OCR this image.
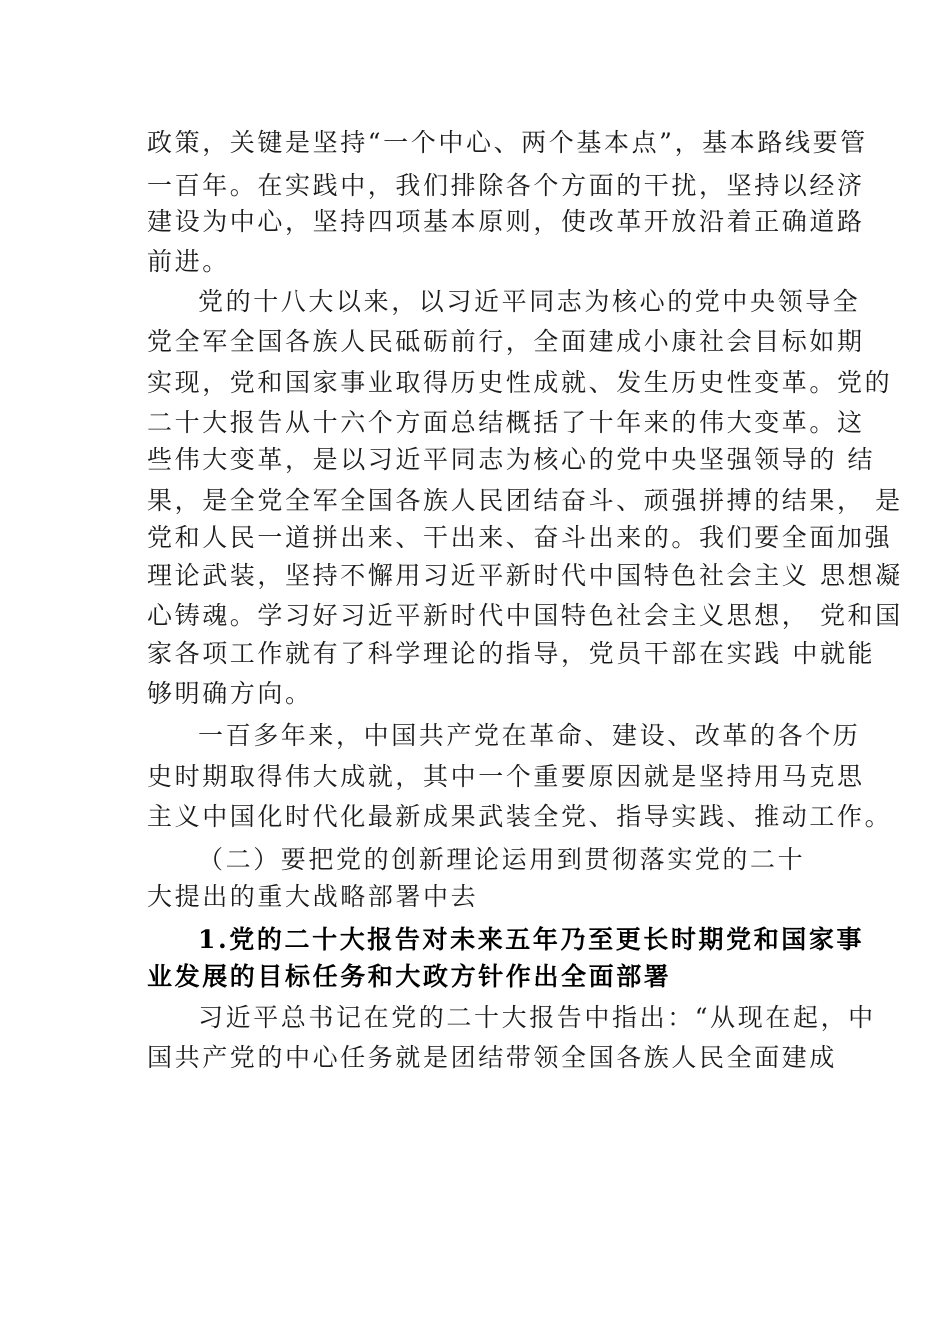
政策，关键是坚持“一个中心、两个基本点”，基本路线要管
一百年。在实践中，我们排除各个方面的干扰，坚持以经济
建设为中心，坚持四项基本原则，使改革开放沿着正确道路
前进。
党的十八大以来，以习近平同志为核心的党中央领导全
党全军全国各族人民砥砺前行，全面建成小康社会目标如期
实现，党和国家事业取得历史性成就、发生历史性变革。党的
二十大报告从十六个方面总结概括了十年来的伟大变革。这
些伟大变革，是以习近平同志为核心的党中央坚强领导的 结
果，是全党全军全国各族人民团结奋斗、顽强拼搏的结果， 是
党和人民一道拼出来、干出来、奋斗出来的。我们要全面加强
理论武装，坚持不懈用习近平新时代中国特色社会主义 思想凝
心铸魂。学习好习近平新时代中国特色社会主义思想， 党和国
家各项工作就有了科学理论的指导，党员干部在实践 中就能
够明确方向。
一百多年来，中国共产党在革命、建设、改革的各个历
史时期取得伟大成就，其中一个重要原因就是坚持用马克思
主义中国化时代化最新成果武装全党、指导实践、推动工作。
（二）要把党的创新理论运用到贯彻落实党的二十
大提出的重大战略部署中去
1.党的二十大报告对未来五年乃至更长时期党和国家事
业发展的目标任务和大政方针作出全面部署
习近平总书记在党的二十大报告中指出：“从现在起，中
国共产党的中心任务就是团结带领全国各族人民全面建成
